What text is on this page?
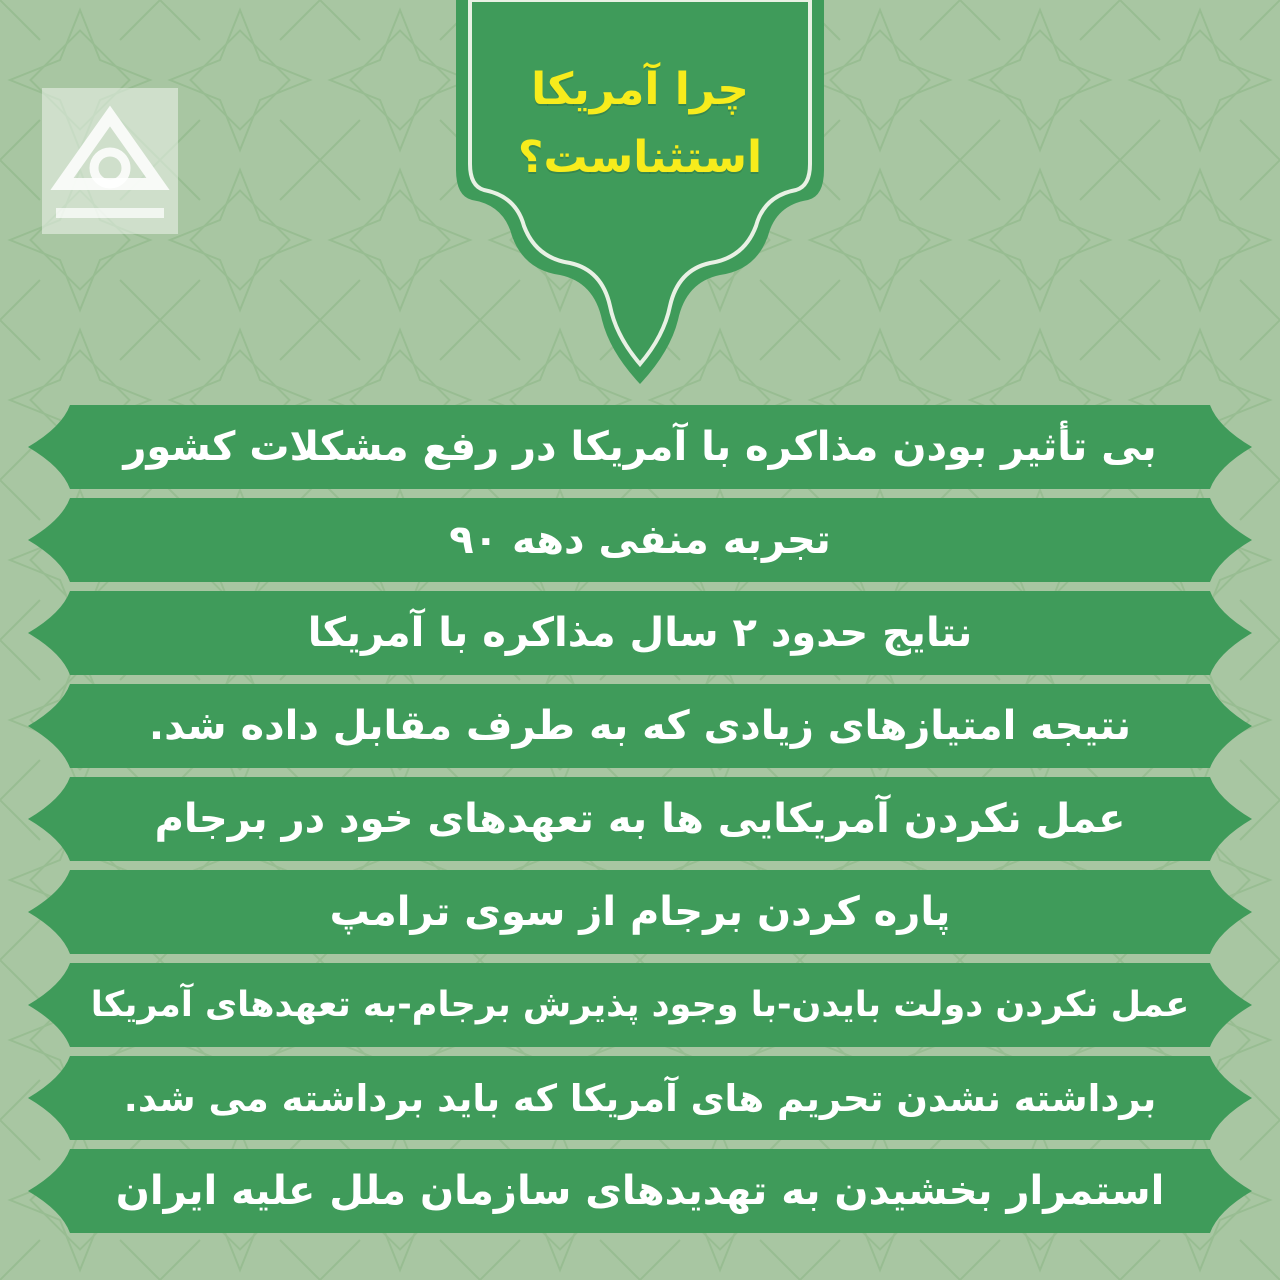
چرا آمریکا
استثناست؟
بی تأثیر بودن مذاکره با آمریکا در رفع مشکلات کشور
تجربه منفی دهه ۹۰
نتایج حدود ۲ سال مذاکره با آمریکا
نتیجه امتیازهای زیادی که به طرف مقابل داده شد.
عمل نکردن آمریکایی ها به تعهدهای خود در برجام
پاره کردن برجام از سوی ترامپ
عمل نکردن دولت بایدن-با وجود پذیرش برجام-به تعهدهای آمریکا
برداشته نشدن تحریم های آمریکا که باید برداشته می شد.
استمرار بخشیدن به تهدیدهای سازمان ملل علیه ایران
